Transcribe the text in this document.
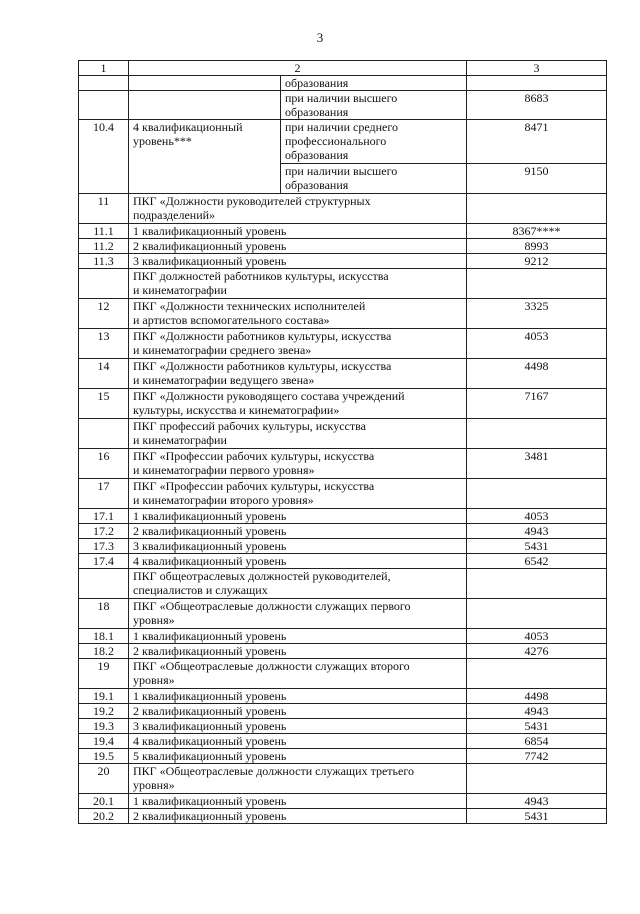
3
1	2		3
		образования	
		при наличии высшего
образования	8683
10.4	4 квалификационный
уровень***	при наличии среднего
профессионального
образования	8471
		при наличии высшего
образования	9150
11	ПКГ «Должности руководителей структурных
подразделений»		
11.1	1 квалификационный уровень		8367****
11.2	2 квалификационный уровень		8993
11.3	3 квалификационный уровень		9212
	ПКГ должностей работников культуры, искусства
и кинематографии		
12	ПКГ «Должности технических исполнителей
и артистов вспомогательного состава»		3325
13	ПКГ «Должности работников культуры, искусства
и кинематографии среднего звена»		4053
14	ПКГ «Должности работников культуры, искусства
и кинематографии ведущего звена»		4498
15	ПКГ «Должности руководящего состава учреждений
культуры, искусства и кинематографии»		7167
	ПКГ профессий рабочих культуры, искусства
и кинематографии		
16	ПКГ «Профессии рабочих культуры, искусства
и кинематографии первого уровня»		3481
17	ПКГ «Профессии рабочих культуры, искусства
и кинематографии второго уровня»		
17.1	1 квалификационный уровень		4053
17.2	2 квалификационный уровень		4943
17.3	3 квалификационный уровень		5431
17.4	4 квалификационный уровень		6542
	ПКГ общеотраслевых должностей руководителей,
специалистов и служащих		
18	ПКГ «Общеотраслевые должности служащих первого
уровня»		
18.1	1 квалификационный уровень		4053
18.2	2 квалификационный уровень		4276
19	ПКГ «Общеотраслевые должности служащих второго
уровня»		
19.1	1 квалификационный уровень		4498
19.2	2 квалификационный уровень		4943
19.3	3 квалификационный уровень		5431
19.4	4 квалификационный уровень		6854
19.5	5 квалификационный уровень		7742
20	ПКГ «Общеотраслевые должности служащих третьего
уровня»		
20.1	1 квалификационный уровень		4943
20.2	2 квалификационный уровень		5431
